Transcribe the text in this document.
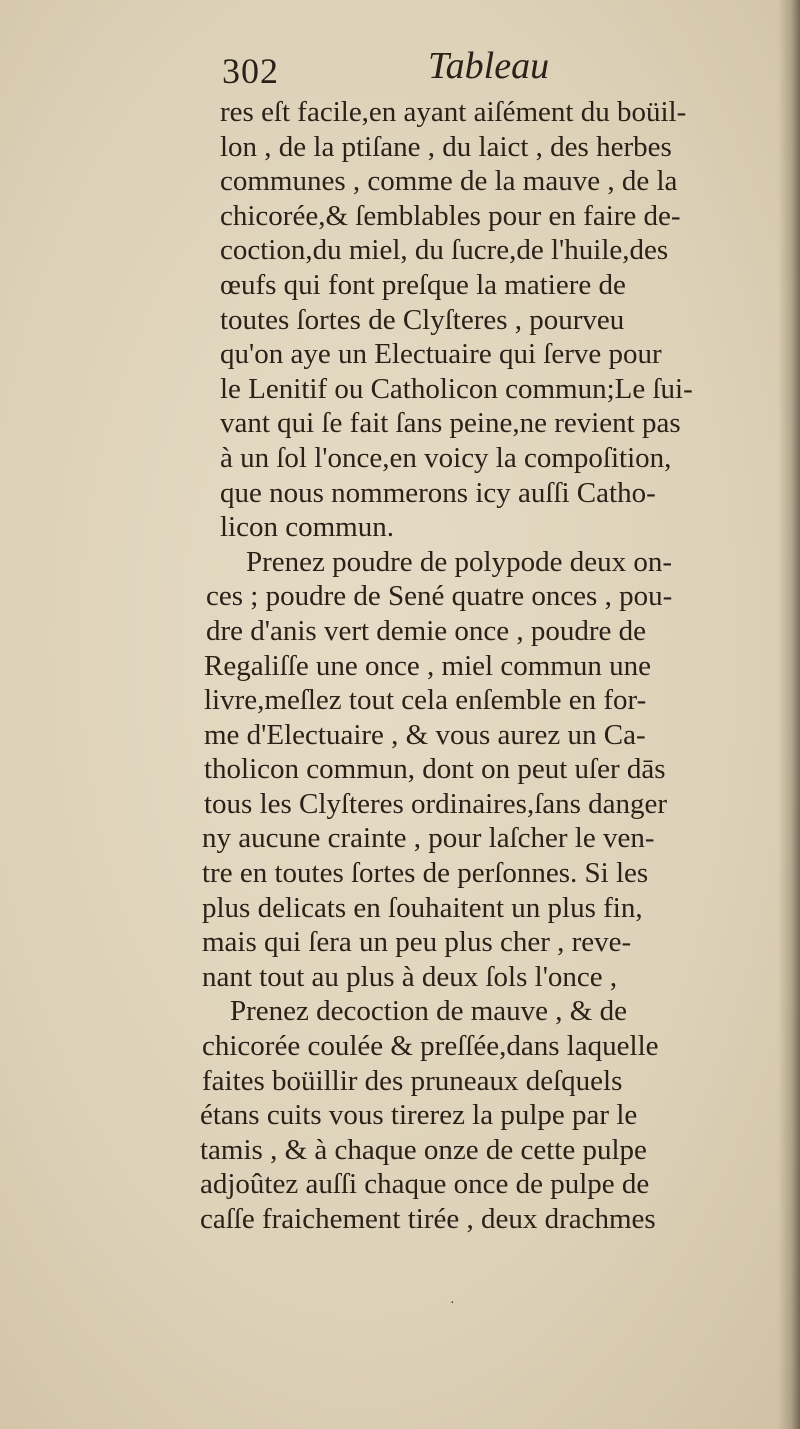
302	Tableau
res eſt facile,en ayant aiſément du boüil-
lon , de la ptiſane , du laict , des herbes
communes , comme de la mauve , de la
chicorée,& ſemblables pour en faire de-
coction,du miel, du ſucre,de l'huile,des
œufs qui font preſque la matiere de
toutes ſortes de Clyſteres , pourveu
qu'on aye un Electuaire qui ſerve pour
le Lenitif ou Catholicon commun;Le ſui-
vant qui ſe fait ſans peine,ne revient pas
à un ſol l'once,en voicy la compoſition,
que nous nommerons icy auſſi Catho-
licon commun.
Prenez poudre de polypode deux on-
ces ; poudre de Sené quatre onces , pou-
dre d'anis vert demie once , poudre de
Regaliſſe une once , miel commun une
livre,meſlez tout cela enſemble en for-
me d'Electuaire , & vous aurez un Ca-
tholicon commun, dont on peut uſer dās
tous les Clyſteres ordinaires,ſans danger
ny aucune crainte , pour laſcher le ven-
tre en toutes ſortes de perſonnes. Si les
plus delicats en ſouhaitent un plus fin,
mais qui ſera un peu plus cher , reve-
nant tout au plus à deux ſols l'once ,
Prenez decoction de mauve , & de
chicorée coulée & preſſée,dans laquelle
faites boüillir des pruneaux deſquels
étans cuits vous tirerez la pulpe par le
tamis , & à chaque onze de cette pulpe
adjoûtez auſſi chaque once de pulpe de
caſſe fraichement tirée , deux drachmes
·
